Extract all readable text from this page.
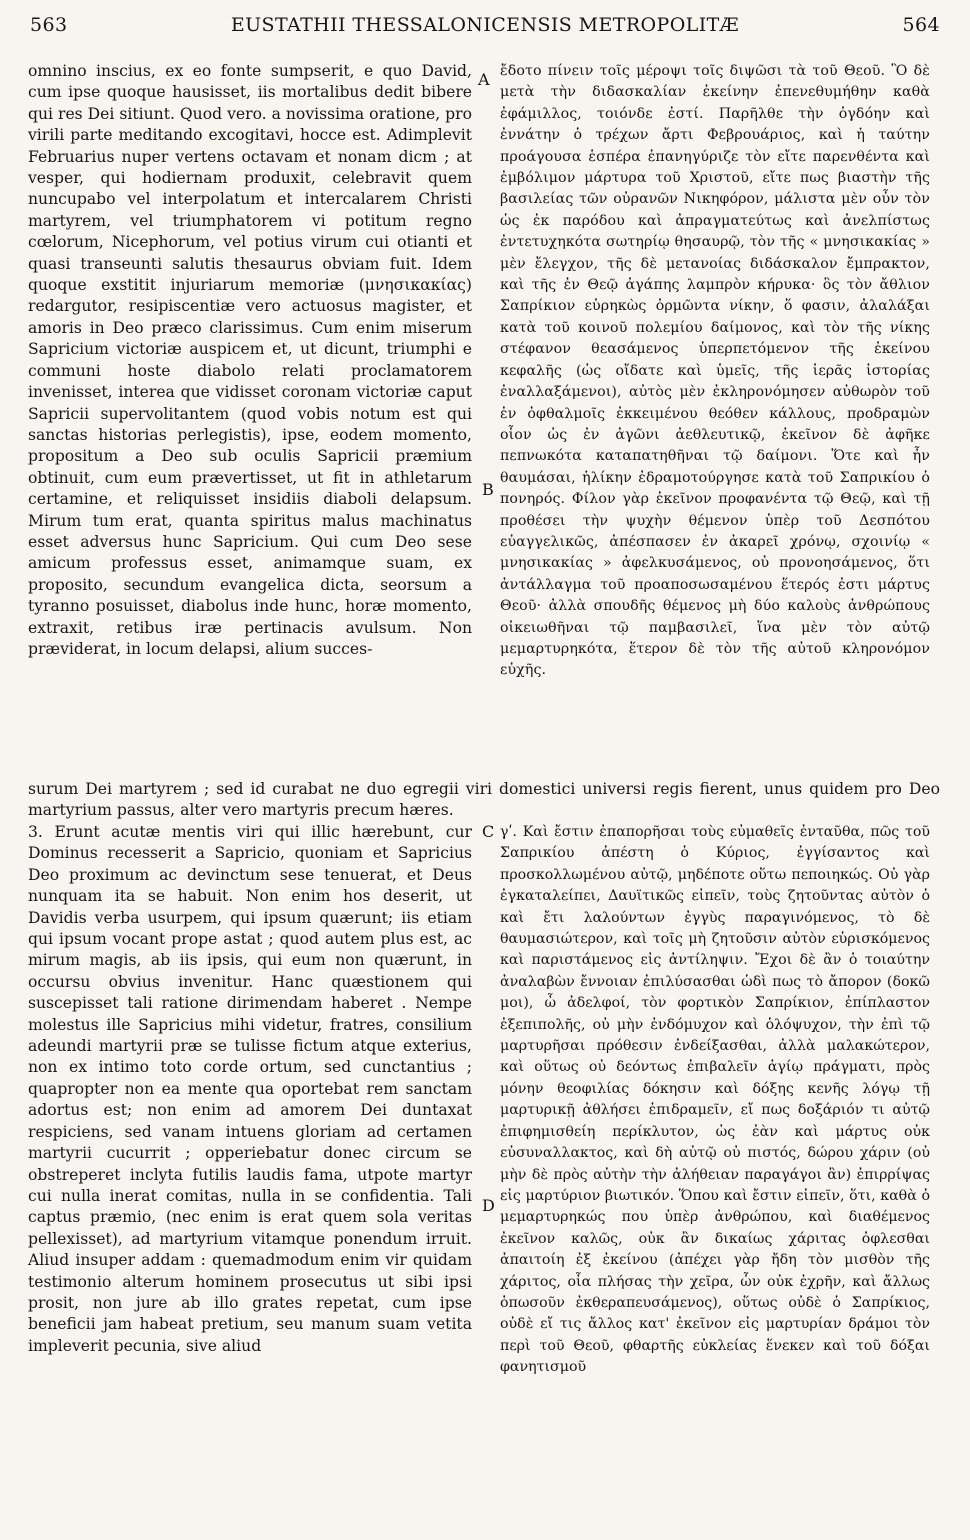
563	EUSTATHII THESSALONICENSIS METROPOLITÆ	564

omnino inscius, ex eo fonte sumpserit, e quo David, cum ipse quoque hausisset, iis mortalibus dedit bibere qui res Dei sitiunt. Quod vero. a novissima oratione, pro virili parte meditando excogitavi, hocce est. Adimplevit Februarius nuper vertens octavam et nonam dicm ; at vesper, qui hodiernam produxit, celebravit quem nuncupabo vel interpolatum et intercalarem Christi martyrem, vel triumphatorem vi potitum regno cœlorum, Nicephorum, vel potius virum cui otianti et quasi transeunti salutis thesaurus obviam fuit. Idem quoque exstitit injuriarum memoriæ (μνησικακίας) redargutor, resipiscentiæ vero actuosus magister, et amoris in Deo præco clarissimus. Cum enim miserum Sapricium victoriæ auspicem et, ut dicunt, triumphi e communi hoste diabolo relati proclamatorem invenisset, interea que vidisset coronam victoriæ caput Sapricii supervolitantem (quod vobis notum est qui sanctas historias perlegistis), ipse, eodem momento, propositum a Deo sub oculis Sapricii præmium obtinuit, cum eum prævertisset, ut fit in athletarum certamine, et reliquisset insidiis diaboli delapsum. Mirum tum erat, quanta spiritus malus machinatus esset adversus hunc Sapricium. Qui cum Deo sese amicum professus esset, animamque suam, ex proposito, secundum evangelica dicta, seorsum a tyranno posuisset, diabolus inde hunc, horæ momento, extraxit, retibus iræ pertinacis avulsum. Non præviderat, in locum delapsi, alium succes-

ἔδοτο πίνειν τοῖς μέροψι τοῖς διψῶσι τὰ τοῦ Θεοῦ. Ὃ δὲ μετὰ τὴν διδασκαλίαν ἐκείνην ἐπενεθυμήθην καθὰ ἐφάμιλλος, τοιόνδε ἐστί. Παρῆλθε τὴν ὀγδόην καὶ ἐννάτην ὁ τρέχων ἄρτι Φεβρουάριος, καὶ ἡ ταύτην προάγουσα ἑσπέρα ἐπανηγύριζε τὸν εἴτε παρενθέντα καὶ ἐμβόλιμον μάρτυρα τοῦ Χριστοῦ, εἴτε πως βιαστὴν τῆς βασιλείας τῶν οὐρανῶν Νικηφόρον, μάλιστα μὲν οὖν τὸν ὡς ἐκ παρόδου καὶ ἀπραγματεύτως καὶ ἀνελπίστως ἐντετυχηκότα σωτηρίῳ θησαυρῷ, τὸν τῆς « μνησικακίας » μὲν ἔλεγχον, τῆς δὲ μετανοίας διδάσκαλον ἔμπρακτον, καὶ τῆς ἐν Θεῷ ἀγάπης λαμπρὸν κήρυκα· ὃς τὸν ἄθλιον Σαπρίκιον εὑρηκὼς ὁρμῶντα νίκην, ὅ φασιν, ἀλαλάξαι κατὰ τοῦ κοινοῦ πολεμίου δαίμονος, καὶ τὸν τῆς νίκης στέφανον θεασάμενος ὑπερπετόμενον τῆς ἐκείνου κεφαλῆς (ὡς οἴδατε καὶ ὑμεῖς, τῆς ἱερᾶς ἱστορίας ἐναλλαξάμενοι), αὐτὸς μὲν ἐκληρονόμησεν αὐθωρὸν τοῦ ἐν ὀφθαλμοῖς ἐκκειμένου θεόθεν κάλλους, προδραμὼν οἷον ὡς ἐν ἀγῶνι ἀεθλευτικῷ, ἐκεῖνον δὲ ἀφῆκε πεπνωκότα καταπατηθῆναι τῷ δαίμονι. Ὅτε καὶ ἦν θαυμάσαι, ἡλίκην ἐδραμοτούργησε κατὰ τοῦ Σαπρικίου ὁ πονηρός. Φίλον γὰρ ἐκεῖνον προφανέντα τῷ Θεῷ, καὶ τῇ προθέσει τὴν ψυχὴν θέμενον ὑπὲρ τοῦ Δεσπότου εὐαγγελικῶς, ἀπέσπασεν ἐν ἀκαρεῖ χρόνῳ, σχοινίῳ « μνησικακίας » ἀφελκυσάμενος, οὐ προνοησάμενος, ὅτι ἀντάλλαγμα τοῦ προαποσωσαμένου ἕτερός ἐστι μάρτυς Θεοῦ· ἀλλὰ σπουδῆς θέμενος μὴ δύο καλοὺς ἀνθρώπους οἰκειωθῆναι τῷ παμβασιλεῖ, ἵνα μὲν τὸν αὐτῷ μεμαρτυρηκότα, ἕτερον δὲ τὸν τῆς αὐτοῦ κληρονόμον εὐχῆς.

A
B

surum Dei martyrem ; sed id curabat ne duo egregii viri domestici universi regis fierent, unus quidem pro Deo martyrium passus, alter vero martyris precum hæres.

3. Erunt acutæ mentis viri qui illic hærebunt, cur Dominus recesserit a Sapricio, quoniam et Sapricius Deo proximum ac devinctum sese tenuerat, et Deus nunquam ita se habuit. Non enim hos deserit, ut Davidis verba usurpem, qui ipsum quærunt; iis etiam qui ipsum vocant prope astat ; quod autem plus est, ac mirum magis, ab iis ipsis, qui eum non quærunt, in occursu obvius invenitur. Hanc quæstionem qui suscepisset tali ratione dirimendam haberet . Nempe molestus ille Sapricius mihi videtur, fratres, consilium adeundi martyrii præ se tulisse fictum atque exterius, non ex intimo toto corde ortum, sed cunctantius ; quapropter non ea mente qua oportebat rem sanctam adortus est; non enim ad amorem Dei duntaxat respiciens, sed vanam intuens gloriam ad certamen martyrii cucurrit ; opperiebatur donec circum se obstreperet inclyta futilis laudis fama, utpote martyr cui nulla inerat comitas, nulla in se confidentia. Tali captus præmio, (nec enim is erat quem sola veritas pellexisset), ad martyrium vitamque ponendum irruit. Aliud insuper addam : quemadmodum enim vir quidam testimonio alterum hominem prosecutus ut sibi ipsi prosit, non jure ab illo grates repetat, cum ipse beneficii jam habeat pretium, seu manum suam vetita impleverit pecunia, sive aliud

γʹ. Καὶ ἔστιν ἐπαπορῆσαι τοὺς εὐμαθεῖς ἐνταῦθα, πῶς τοῦ Σαπρικίου ἀπέστη ὁ Κύριος, ἐγγίσαντος καὶ προσκολλωμένου αὐτῷ, μηδέποτε οὕτω πεποιηκώς. Οὐ γὰρ ἐγκαταλείπει, Δαυϊτικῶς εἰπεῖν, τοὺς ζητοῦντας αὐτὸν ὁ καὶ ἔτι λαλούντων ἐγγὺς παραγινόμενος, τὸ δὲ θαυμασιώτερον, καὶ τοῖς μὴ ζητοῦσιν αὐτὸν εὑρισκόμενος καὶ παριστάμενος εἰς ἀντίληψιν. Ἔχοι δὲ ἂν ὁ τοιαύτην ἀναλαβὼν ἔννοιαν ἐπιλύσασθαι ὡδὶ πως τὸ ἄπορον (δοκῶ μοι), ὦ ἀδελφοί, τὸν φορτικὸν Σαπρίκιον, ἐπίπλαστον ἐξεπιπολῆς, οὐ μὴν ἐνδόμυχον καὶ ὁλόψυχον, τὴν ἐπὶ τῷ μαρτυρῆσαι πρόθεσιν ἐνδείξασθαι, ἀλλὰ μαλακώτερον, καὶ οὕτως οὐ δεόντως ἐπιβαλεῖν ἁγίῳ πράγματι, πρὸς μόνην θεοφιλίας δόκησιν καὶ δόξης κενῆς λόγῳ τῇ μαρτυρικῇ ἀθλήσει ἐπιδραμεῖν, εἴ πως δοξάριόν τι αὐτῷ ἐπιφημισθείη περίκλυτον, ὡς ἐὰν καὶ μάρτυς οὐκ εὐσυναλλακτος, καὶ δὴ αὐτῷ οὐ πιστός, δώρου χάριν (οὐ μὴν δὲ πρὸς αὐτὴν τὴν ἀλήθειαν παραγάγοι ἂν) ἐπιρρίψας εἰς μαρτύριον βιωτικόν. Ὅπου καὶ ἔστιν εἰπεῖν, ὅτι, καθὰ ὁ μεμαρτυρηκώς που ὑπὲρ ἀνθρώπου, καὶ διαθέμενος ἐκεῖνον καλῶς, οὐκ ἂν δικαίως χάριτας ὀφλεσθαι ἀπαιτοίη ἐξ ἐκείνου (ἀπέχει γὰρ ἤδη τὸν μισθὸν τῆς χάριτος, οἷα πλήσας τὴν χεῖρα, ὧν οὐκ ἐχρῆν, καὶ ἄλλως ὁπωσοῦν ἐκθεραπευσάμενος), οὕτως οὐδὲ ὁ Σαπρίκιος, οὐδὲ εἴ τις ἄλλος κατ' ἐκεῖνον εἰς μαρτυρίαν δράμοι τὸν περὶ τοῦ Θεοῦ, φθαρτῆς εὐκλείας ἕνεκεν καὶ τοῦ δόξαι φανητισμοῦ

C
D
